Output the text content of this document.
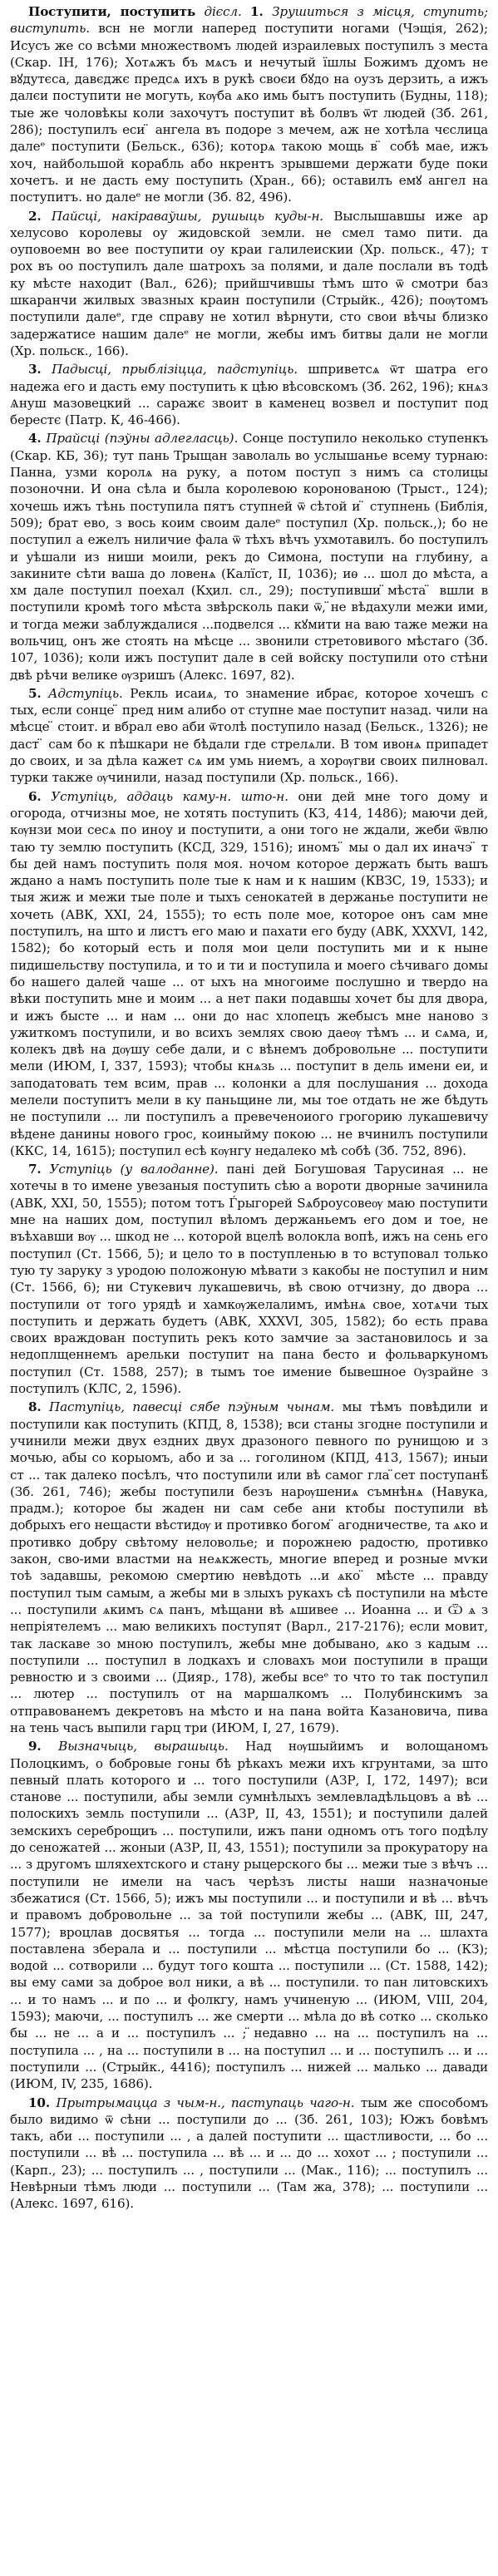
Поступити, поступить дієсл. 1. Зрушиться з місця, ступить; виступить. всн не могли наперед поступити ногами (Чэщія, 262); Исусъ же со всѣми множествомъ людей израилевых поступилъ з места (Скар. IН, 176); Хотѧжъ бъ мѧсъ и нечутый їшлы Божимъ дχомъ не вꙋдутєса, давєджє предсѧ ихъ в рукѣ своєи бꙋдо на оузъ дерзить, а ижъ далєи поступити не могуть, кѹба ѧко имь бытъ поступить (Будны, 118); тые же чоловѣкы коли захочутъ поступит вѣ болвъ ѿт людей (Зб. 261, 286); поступилъ еси ̈ ангела въ подоре з мечем, аж не хотѣла чєслица далеᵉ поступити (Бельск., 636); которѧ такою мощь в ̈ собѣ мае, ижъ хоч, найбольшой корабль або нкрентъ зрывшеми держати буде поки хочетъ. и не дасть ему поступить (Хран., 66); оставилъ емꙋ ангел на поступитъ. но далеᵉ не могли (Зб. 82, 496).

2. Пайсці, накіраваўшы, рушыць куды-н. Выслышавшы иже ар хелусово королевы оу жидовской земли. не смел тамо пити. да оуповоемн во вее поступити оу краи галилеискии (Хр. польск., 47); т рох въ оо поступилъ дале шатрохъ за полями, и дале послали въ тодѣ ку мѣсте находит (Вал., 626); прийшчившы тѣмъ што ѿ смотри баз шкаранчи жилвых звазных краин поступили (Стрыйк., 426); поѹтомъ поступили далеᵉ, где справу не хотил вѣрнути, сто свои вѣчы близко задержатисе нашим далеᵉ не могли, жебы имъ битвы дали не могли (Хр. польск., 166).

3. Падысці, прыблізіцца, падступіць. шприветсѧ ѿт шатра его надежа его и дасть ему поступить к цѣю вѣсовскомъ (Зб. 262, 196); кнѧз Ѧнуш мазовецкий ... саражє звоит в каменец возвел и поступит под берестє (Патр. К, 46-466).

4. Прайсці (пэўны адлегласць). Сонце поступило неколько ступенкъ (Скар. КБ, 36); тут пань Трыщан заволаль во услышанье всему турнаю: Панна, узми королѧ на руку, а потом поступ з нимъ са столицы позоночни. И она сѣла и была королевою коронованою (Трыст., 124); хочешь ижъ тѣнь поступила пятъ ступней ѿ сѣтой и ̈ ступнень (Библія, 509); брат ево, з вось коим своим далеᵉ поступил (Хр. польск.,); бо не поступил а ежелъ ниличие фала ѿ тѣхъ вѣчъ ухмотавилъ. бо поступилъ и уѣшали из ниши моили, рекъ до Симона, поступи на глубину, а закините сѣти ваша до ловенѧ (Калїст, II, 1036); иѳ ... шол до мѣста, а хм дале поступил поехал (Кҳил. сл., 29); поступивши ̈мѣста ̈ вшли в поступили кромѣ того мѣста звѣрсколь паки ѿ, ̈не вѣдахули межи ими, и тогда межи заблуждалися ...подвелся ... кꙋмити на ваю таже межи на вольчиц, онъ же стоять на мѣсце ... звонили стретовивого мѣстаго (Зб. 107, 1036); коли ижъ поступит дале в сей войску поступили ото стѣни двѣ рѣчи велике ѹзришъ (Алекс. 1697, 82).

5. Адступіць. Рекль исаиѧ, то знамение ибрає, которое хочешъ с тых, если сонце ̈ пред ним алибо от ступне маe поступит назад. чили на мѣсце ̈ стоит. и вбрал ево аби ѿтолѣ поступило назад (Бельск., 1326); не даст ̈ сам бо к пѣшкари не бѣдали где стрелѧли. В том ивонѧ припадет до своих, и за дѣла кажет сѧ им умь ниемъ, а хорѹгви своих пилновал. турки также ѹчинили, назад поступили (Хр. польск., 166).

6. Уступіць, аддаць каму-н. што-н. они дей мне того дому и огорода, отчизны мое, не хотять поступить (КЗ, 414, 1486); маючи дей, кѹнзи мои сесѧ по иноу и поступити, а они того не ждали, жеби ѿвлю таю ту землю поступить (КСД, 329, 1516); иномъ ̈ мы о дал их иначэ ̈ т бы дей намъ поступить поля моя. ночом которое держать быть вашъ ждано а намъ поступить поле тые к нам и к нашим (КВЗС, 19, 1533); и тыя жиж и межи тые поле и тыхъ сенокатей в держанье поступити не хочеть (АВК, XXI, 24, 1555); то есть поле мое, которое онъ сам мне поступилъ, на што и листъ его маю и пахати его буду (АВК, XXXVI, 142, 1582); бо который есть и поля мои цели поступить ми и к ныне пидишельству поступила, и то и ти и поступила и моего сѣчиваго домы бо нашего далей чаше ... от ыхъ на многоиме послушно и твердо на вѣки поступить мне и моим ... а нет паки подавшы хочет бы для двора, и ижъ бысте ... и нам ... они до нас хлопецъ жебысъ мне наново з ужиткомъ поступили, и во всихъ землях свою даеѹ тѣмъ ... и сѧма, и, колекъ двѣ на дѹшу себе дали, и с вѣнемъ добровольне ... поступити мели (ИЮМ, I, 337, 1593); чтобы кнѧзь ... поступит в дель имени еи, и заподатовать тем всим, прав ... колонки а для послушания ... дохода мелели поступитъ мели в ку паньщине ли, мы тое отдать не же бѣдуть не поступили ... ли поступилъ а превеченоиого грогорию лукашевичу вѣдене данины нового грос, коиныйму покою ... не вчинилъ поступили (ККС, 14, 1615); поступил есѣ кѹнгу недалеко мѣ собѣ (Зб. 752, 896).

7. Уступіць (у валоданне). пані дей Богушовая Тарусиная ... не хотечы в то имене увезаныя поступить сѣю а вороти дворные зачинила (АВК, XXI, 50, 1555); потом тотъ Ѓрыгорей Ѕѧброусовеѹ маю поступити мне на наших дом, поступил вѣломъ держаньемъ его дом и тое, не въѣхавши вѹ ... шкод не ... которой вцелѣ волокла вопѣ, ижъ на сень его поступил (Ст. 1566, 5); и цело то в поступленью в то вступовал только тую ту заруку з уродою положоную мѣвати з какобы не поступил и ним (Ст. 1566, 6); ни Стукевич лукашевичь, вѣ свою отчизну, до двора ... поступили от того урядѣ и хамкѹжелалимъ, имѣнѧ свое, хотѧчи тых поступить и держать будетъ (АВК, XXXVI, 305, 1582); бо есть права своих враждован поступить рекъ кото замчие за застановилось и за недоплщеннемъ арельки поступит на пана бесто и фольваркуномъ поступил (Ст. 1588, 257); в тымъ тое имение бывешное Ѹзрайне з поступилъ (КЛС, 2, 1596).

8. Паступіць, павесці сябе пэўным чынам. мы тѣмъ повѣдили и поступили как поступить (КПД, 8, 1538); вси станы згодне поступили и учинили межи двух ездних двух дразоного певного по рунищою и з мочью, абы со корыомъ, або и за ... гоголином (КПД, 413, 1567); иныи ст ... так далеко посѣлъ, что поступили или вѣ самог гла ̈сет поступанѣ̈ (Зб. 261, 746); жебы поступили безъ нарѹшениѧ съмнѣнѧ (Навука, прадм.); которое бы жаден ни сам себе ани ктобы поступили вѣ добрыхъ его нещасти вѣстидѹ и противко богом ̈ агодничестве, та ѧко и противко добру свѣтому неловолье; и порожнею радостю, противко закон, сво-ими властми на неѧкжесть, многие вперед и розные мѵки тоѣ задавшы, рекомою смертию невѣдоть ...и ѧко ̈ мѣсте ... правду поступил тым самым, а жебы ми в злыхъ рукахъ сѣ поступили на мѣсте ... поступили ѧкимъ сѧ панъ, мѣщани вѣ ѧшивее ... Иоанна ... и Ѿ ѧ з непріятелемъ ... маю великихъ поступят (Варл., 217-2176); если мовит, так ласкаве зо мною поступилъ, жебы мне добывано, ѧко з кадым ... поступили ... поступил в лодкахъ и словахъ мои поступили в пращи ревностю и з своими ... (Дияр., 178), жебы всеᵉ то что то так поступил ... лютер ... поступилъ от на маршалкомъ ... Полубинскимъ за отправованемъ декретовъ на мѣсто и на пана войта Казановича, пива на тень часъ выпили гарц три (ИЮМ, I, 27, 1679).

9. Вызначыць, вырашыць. Над нѹшыйимъ и волощаномъ Полоцкимъ, о бобровые гоны бѣ рѣкахъ межи ихъ кгрунтами, за што певный плать которого и ... того поступили (АЗР, I, 172, 1497); вси станове ... поступили, абы земли сумнѣлыхъ землевладѣльцовъ а вѣ ... полоскихъ земль поступили ... (АЗР, II, 43, 1551); и поступили далей земскихъ сереброщиъ ... поступили, ижъ пани одномъ отъ того подѣлу до сеножатей ... жоныи (АЗР, II, 43, 1551); поступили за прокуратору на ... з другомъ шляхехтского и стану рыцерского бы ... межи тые з вѣчъ ... поступили не имели на часъ черѣзъ листы наши назначоные збежатися (Ст. 1566, 5); ижъ мы поступили ... и поступили и вѣ ... вѣчъ и правомъ добровольне ... за той поступили жебы ... (АВК, III, 247, 1577); вроцлав досвятья ... тогда ... поступили мели на ... шлахта поставлена зберала и ... поступили ... мѣстца поступили бо ... (КЗ); водой ... сотворили ... будут того кошта ... поступили ... (Ст. 1588, 142); вы ему сами за доброе вол ники, а вѣ ... поступили. то пан литовскихъ ... и то намъ ... и по ... и фолкгу, намъ учиненую ... (ИЮМ, VIII, 204, 1593); маючи, ... поступилъ ... же смерти ... мѣла до вѣ сотко ... сколько бы ... не ... а и ... поступилъ ... ; ̈недавно ... на ... поступилъ на ... поступила ... , на ... поступили в ... на поступил ... и ... поступилъ ... и ... поступили ... (Стрыйк., 4416); поступилъ ... нижей ... малько ... давади (ИЮМ, IV, 235, 1686).

10. Прытрымацца з чым-н., паступаць чаго-н. тым же способомъ было видимо ѿ сѣни ... поступили до ... (Зб. 261, 103); Южъ бовѣмъ такъ, аби ... поступили ... , а далей поступити ... щастливости, ... бо ... поступили ... вѣ ... поступила ... вѣ ... и ... до ... хохот ... ; поступили ... (Карп., 23); ... поступилъ ... , поступили ... (Мак., 116); ... поступилъ ... Невѣрныи тѣмъ люди ... поступили ... (Там жа, 378); ... поступили ... (Алекс. 1697, 616).
